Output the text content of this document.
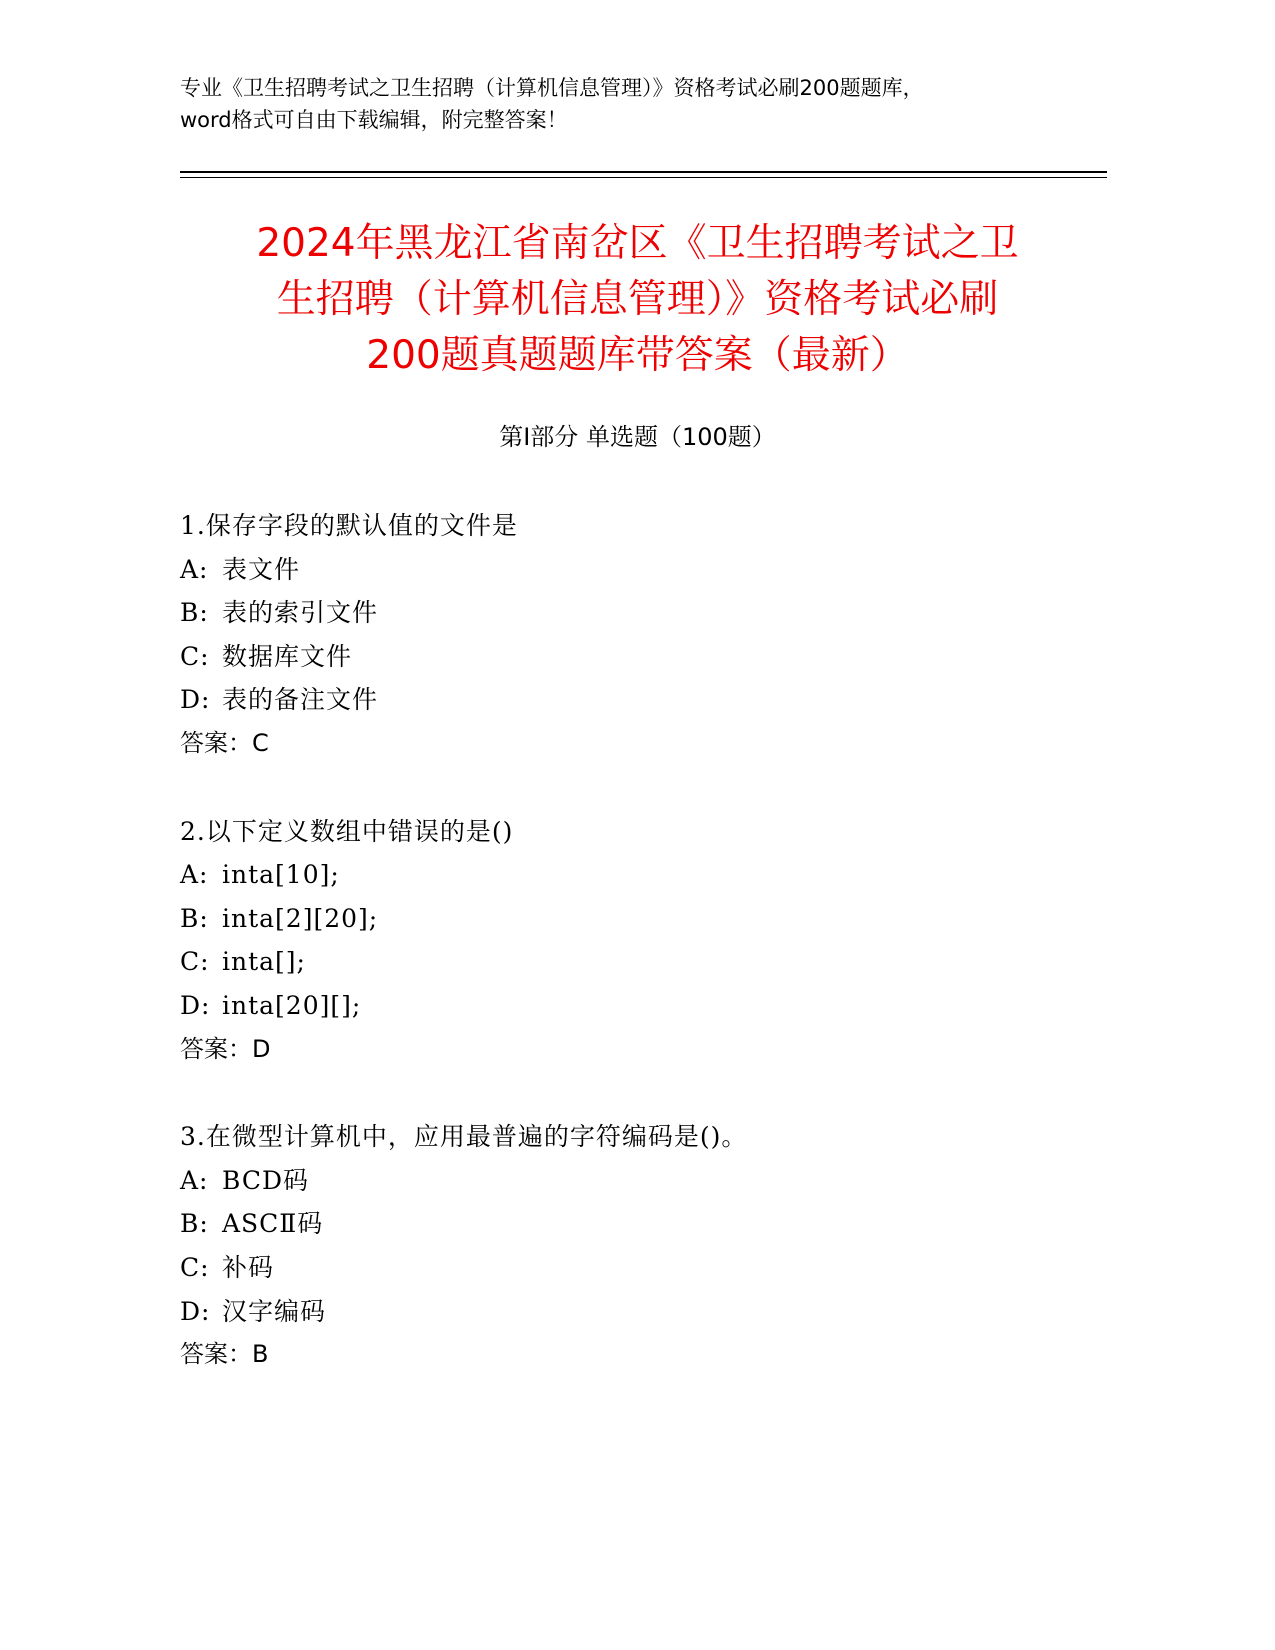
专业《卫生招聘考试之卫生招聘（计算机信息管理）》资格考试必刷200题题库，
word格式可自由下载编辑，附完整答案！
2024年黑龙江省南岔区《卫生招聘考试之卫
生招聘（计算机信息管理）》资格考试必刷
200题真题题库带答案（最新）
第Ⅰ部分 单选题（100题）
1.保存字段的默认值的文件是
A: 表文件
B: 表的索引文件
C: 数据库文件
D: 表的备注文件
答案：C
2.以下定义数组中错误的是()
A: inta[10];
B: inta[2][20];
C: inta[];
D: inta[20][];
答案：D
3.在微型计算机中，应用最普遍的字符编码是()。
A: BCD码
B: ASCⅡ码
C: 补码
D: 汉字编码
答案：B
